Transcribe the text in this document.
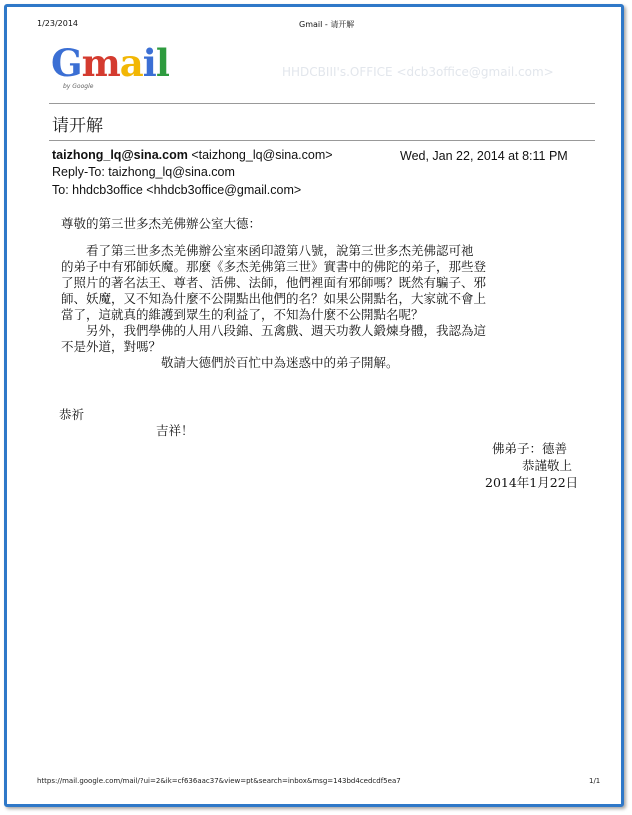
1/23/2014	Gmail - 请开解
Gmail
by Google
HHDCBIII's.OFFICE <dcb3office@gmail.com>
请开解
taizhong_lq@sina.com <taizhong_lq@sina.com>	Wed, Jan 22, 2014 at 8:11 PM
Reply-To: taizhong_lq@sina.com
To: hhdcb3office <hhdcb3office@gmail.com>
尊敬的第三世多杰羌佛辦公室大德：
　　看了第三世多杰羌佛辦公室來函印證第八號，說第三世多杰羌佛認可祂
的弟子中有邪師妖魔。那麼《多杰羌佛第三世》實書中的佛陀的弟子，那些登
了照片的著名法王、尊者、活佛、法師，他們裡面有邪師嗎？既然有騙子、邪
師、妖魔，又不知為什麼不公開點出他們的名？如果公開點名，大家就不會上
當了，這就真的維護到眾生的利益了，不知為什麼不公開點名呢？
　　另外，我們學佛的人用八段錦、五禽戲、週天功教人鍛煉身體，我認為這
不是外道，對嗎？
　　　　　　　　敬請大德們於百忙中為迷惑中的弟子開解。
恭祈
吉祥！
佛弟子：德善
恭謹敬上
2014年1月22日
https://mail.google.com/mail/?ui=2&ik=cf636aac37&view=pt&search=inbox&msg=143bd4cedcdf5ea7	1/1
